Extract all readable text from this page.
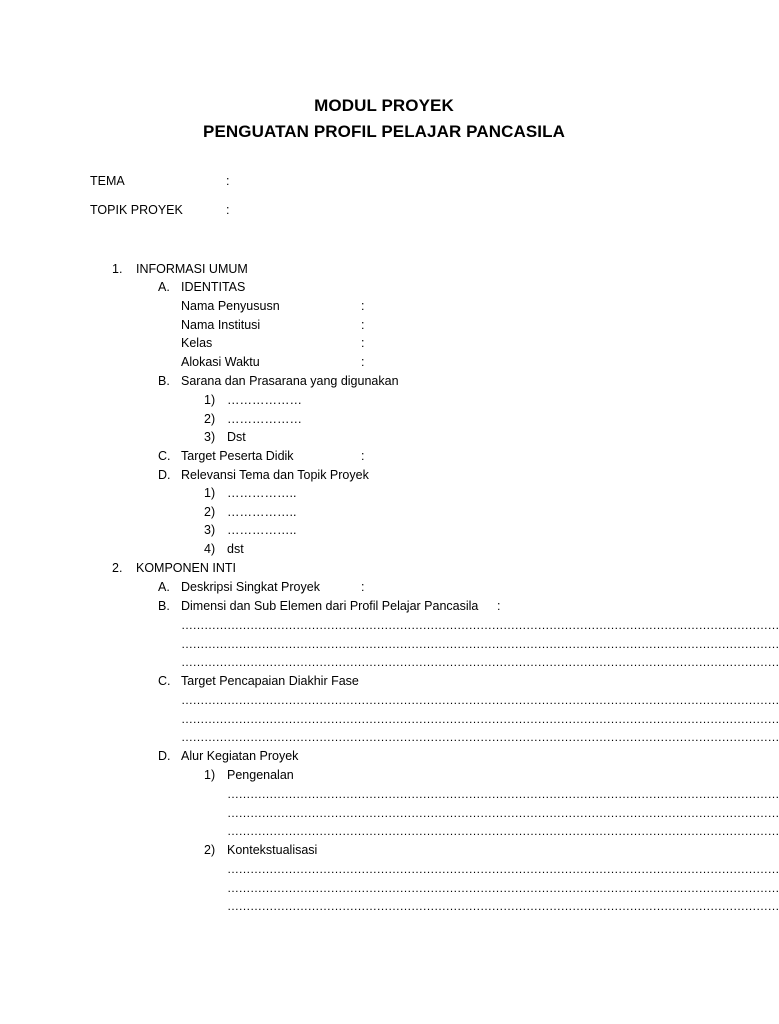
MODUL PROYEK
PENGUATAN PROFIL PELAJAR PANCASILA
TEMA	:
TOPIK PROYEK	:
1. INFORMASI UMUM
A. IDENTITAS
Nama Penyususn	:
Nama Institusi	:
Kelas	:
Alokasi Waktu	:
B. Sarana dan Prasarana yang digunakan
1) ………………
2) ………………
3) Dst
C. Target Peserta Didik	:
D. Relevansi Tema dan Topik Proyek
1) ……………..
2) ……………..
3) ……………..
4) dst
2. KOMPONEN INTI
A. Deskripsi Singkat Proyek	:
B. Dimensi dan Sub Elemen dari Profil Pelajar Pancasila :
…………………………………………………………………………………………………………………………………………
…………………………………………………………………………………………………………………………………………
…………………………………………………………………………………………………………………………………………
C. Target Pencapaian Diakhir Fase
…………………………………………………………………………………………………………………………………………
…………………………………………………………………………………………………………………………………………
…………………………………………………………………………………………………………………………………………
D. Alur Kegiatan Proyek
1) Pengenalan
………………………………………………………………………………………………………………………………
………………………………………………………………………………………………………………………………
………………………………………………………………………………………………………………………………
2) Kontekstualisasi
………………………………………………………………………………………………………………………………
………………………………………………………………………………………………………………………………
………………………………………………………………………………………………………………………………
